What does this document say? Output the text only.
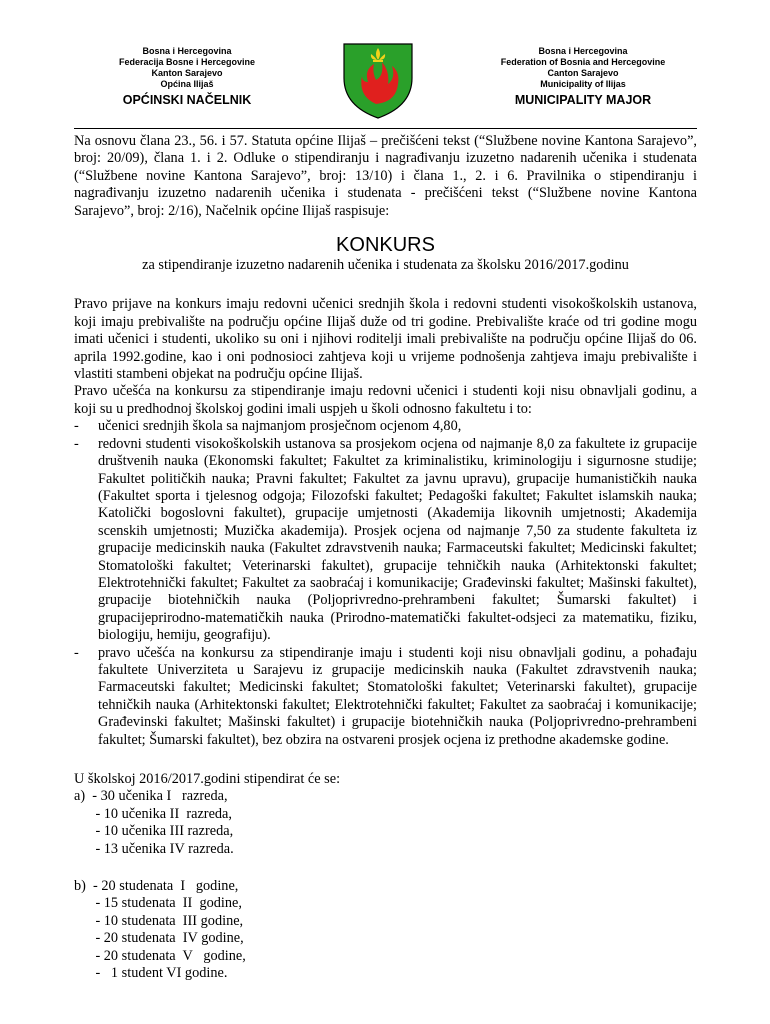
Bosna i Hercegovina
Federacija Bosne i Hercegovine
Kanton Sarajevo
Općina Ilijaš
OPĆINSKI NAČELNIK
Bosna i Hercegovina
Federation of Bosnia and Hercegovine
Canton Sarajevo
Municipality of Ilijas
MUNICIPALITY MAJOR

Na osnovu člana 23., 56. i 57. Statuta općine Ilijaš – prečišćeni tekst (“Službene novine Kantona Sarajevo”, broj: 20/09), člana 1. i 2. Odluke o stipendiranju i nagrađivanju izuzetno nadarenih učenika i studenata (“Službene novine Kantona Sarajevo”, broj: 13/10) i člana 1., 2. i 6. Pravilnika o stipendiranju i nagrađivanju izuzetno nadarenih učenika i studenata - prečišćeni tekst (“Službene novine Kantona Sarajevo”, broj: 2/16), Načelnik općine Ilijaš raspisuje:

KONKURS

za stipendiranje izuzetno nadarenih učenika i studenata za školsku 2016/2017.godinu

Pravo prijave na konkurs imaju redovni učenici srednjih škola i redovni studenti visokoškolskih ustanova, koji imaju prebivalište na području općine Ilijaš duže od tri godine. Prebivalište kraće od tri godine mogu imati učenici i studenti, ukoliko su oni i njihovi roditelji imali prebivalište na području općine Ilijaš do 06. aprila 1992.godine, kao i oni podnosioci zahtjeva koji u vrijeme podnošenja zahtjeva imaju prebivalište i vlastiti stambeni objekat na području općine Ilijaš.

Pravo učešća na konkursu za stipendiranje imaju redovni učenici i studenti koji nisu obnavljali godinu, a koji su u predhodnoj školskoj godini imali uspjeh u školi odnosno fakultetu i to:

-	učenici srednjih škola sa najmanjom prosječnom ocjenom 4,80,
-	redovni studenti visokoškolskih ustanova sa prosjekom ocjena od najmanje 8,0 za fakultete iz grupacije društvenih nauka (Ekonomski fakultet; Fakultet za kriminalistiku, kriminologiju i sigurnosne studije; Fakultet političkih nauka; Pravni fakultet; Fakultet za javnu upravu), grupacije humanističkih nauka (Fakultet sporta i tjelesnog odgoja; Filozofski fakultet; Pedagoški fakultet; Fakultet islamskih nauka; Katolički bogoslovni fakultet), grupacije umjetnosti (Akademija likovnih umjetnosti; Akademija scenskih umjetnosti; Muzička akademija). Prosjek ocjena od najmanje 7,50 za studente fakulteta iz grupacije medicinskih nauka (Fakultet zdravstvenih nauka; Farmaceutski fakultet; Medicinski fakultet; Stomatološki fakultet; Veterinarski fakultet), grupacije tehničkih nauka (Arhitektonski fakultet; Elektrotehnički fakultet; Fakultet za saobraćaj i komunikacije; Građevinski fakultet; Mašinski fakultet), grupacije biotehničkih nauka (Poljoprivredno-prehrambeni fakultet; Šumarski fakultet) i grupacijeprirodno-matematičkih nauka (Prirodno-matematički fakultet-odsjeci za matematiku, fiziku, biologiju, hemiju, geografiju).
-	pravo učešća na konkursu za stipendiranje imaju i studenti koji nisu obnavljali godinu, a pohađaju fakultete Univerziteta u Sarajevu iz grupacije medicinskih nauka (Fakultet zdravstvenih nauka; Farmaceutski fakultet; Medicinski fakultet; Stomatološki fakultet; Veterinarski fakultet), grupacije tehničkih nauka (Arhitektonski fakultet; Elektrotehnički fakultet; Fakultet za saobraćaj i komunikacije; Građevinski fakultet; Mašinski fakultet) i grupacije biotehničkih nauka (Poljoprivredno-prehrambeni fakultet; Šumarski fakultet), bez obzira na ostvareni prosjek ocjena iz prethodne akademske godine.

U školskoj 2016/2017.godini stipendirat će se:

a)  - 30 učenika I   razreda,
- 10 učenika II  razreda,
- 10 učenika III razreda,
- 13 učenika IV razreda.
b)  - 20 studenata  I   godine,
- 15 studenata  II  godine,
- 10 studenata  III godine,
- 20 studenata  IV godine,
- 20 studenata  V   godine,
-   1 student VI godine.
